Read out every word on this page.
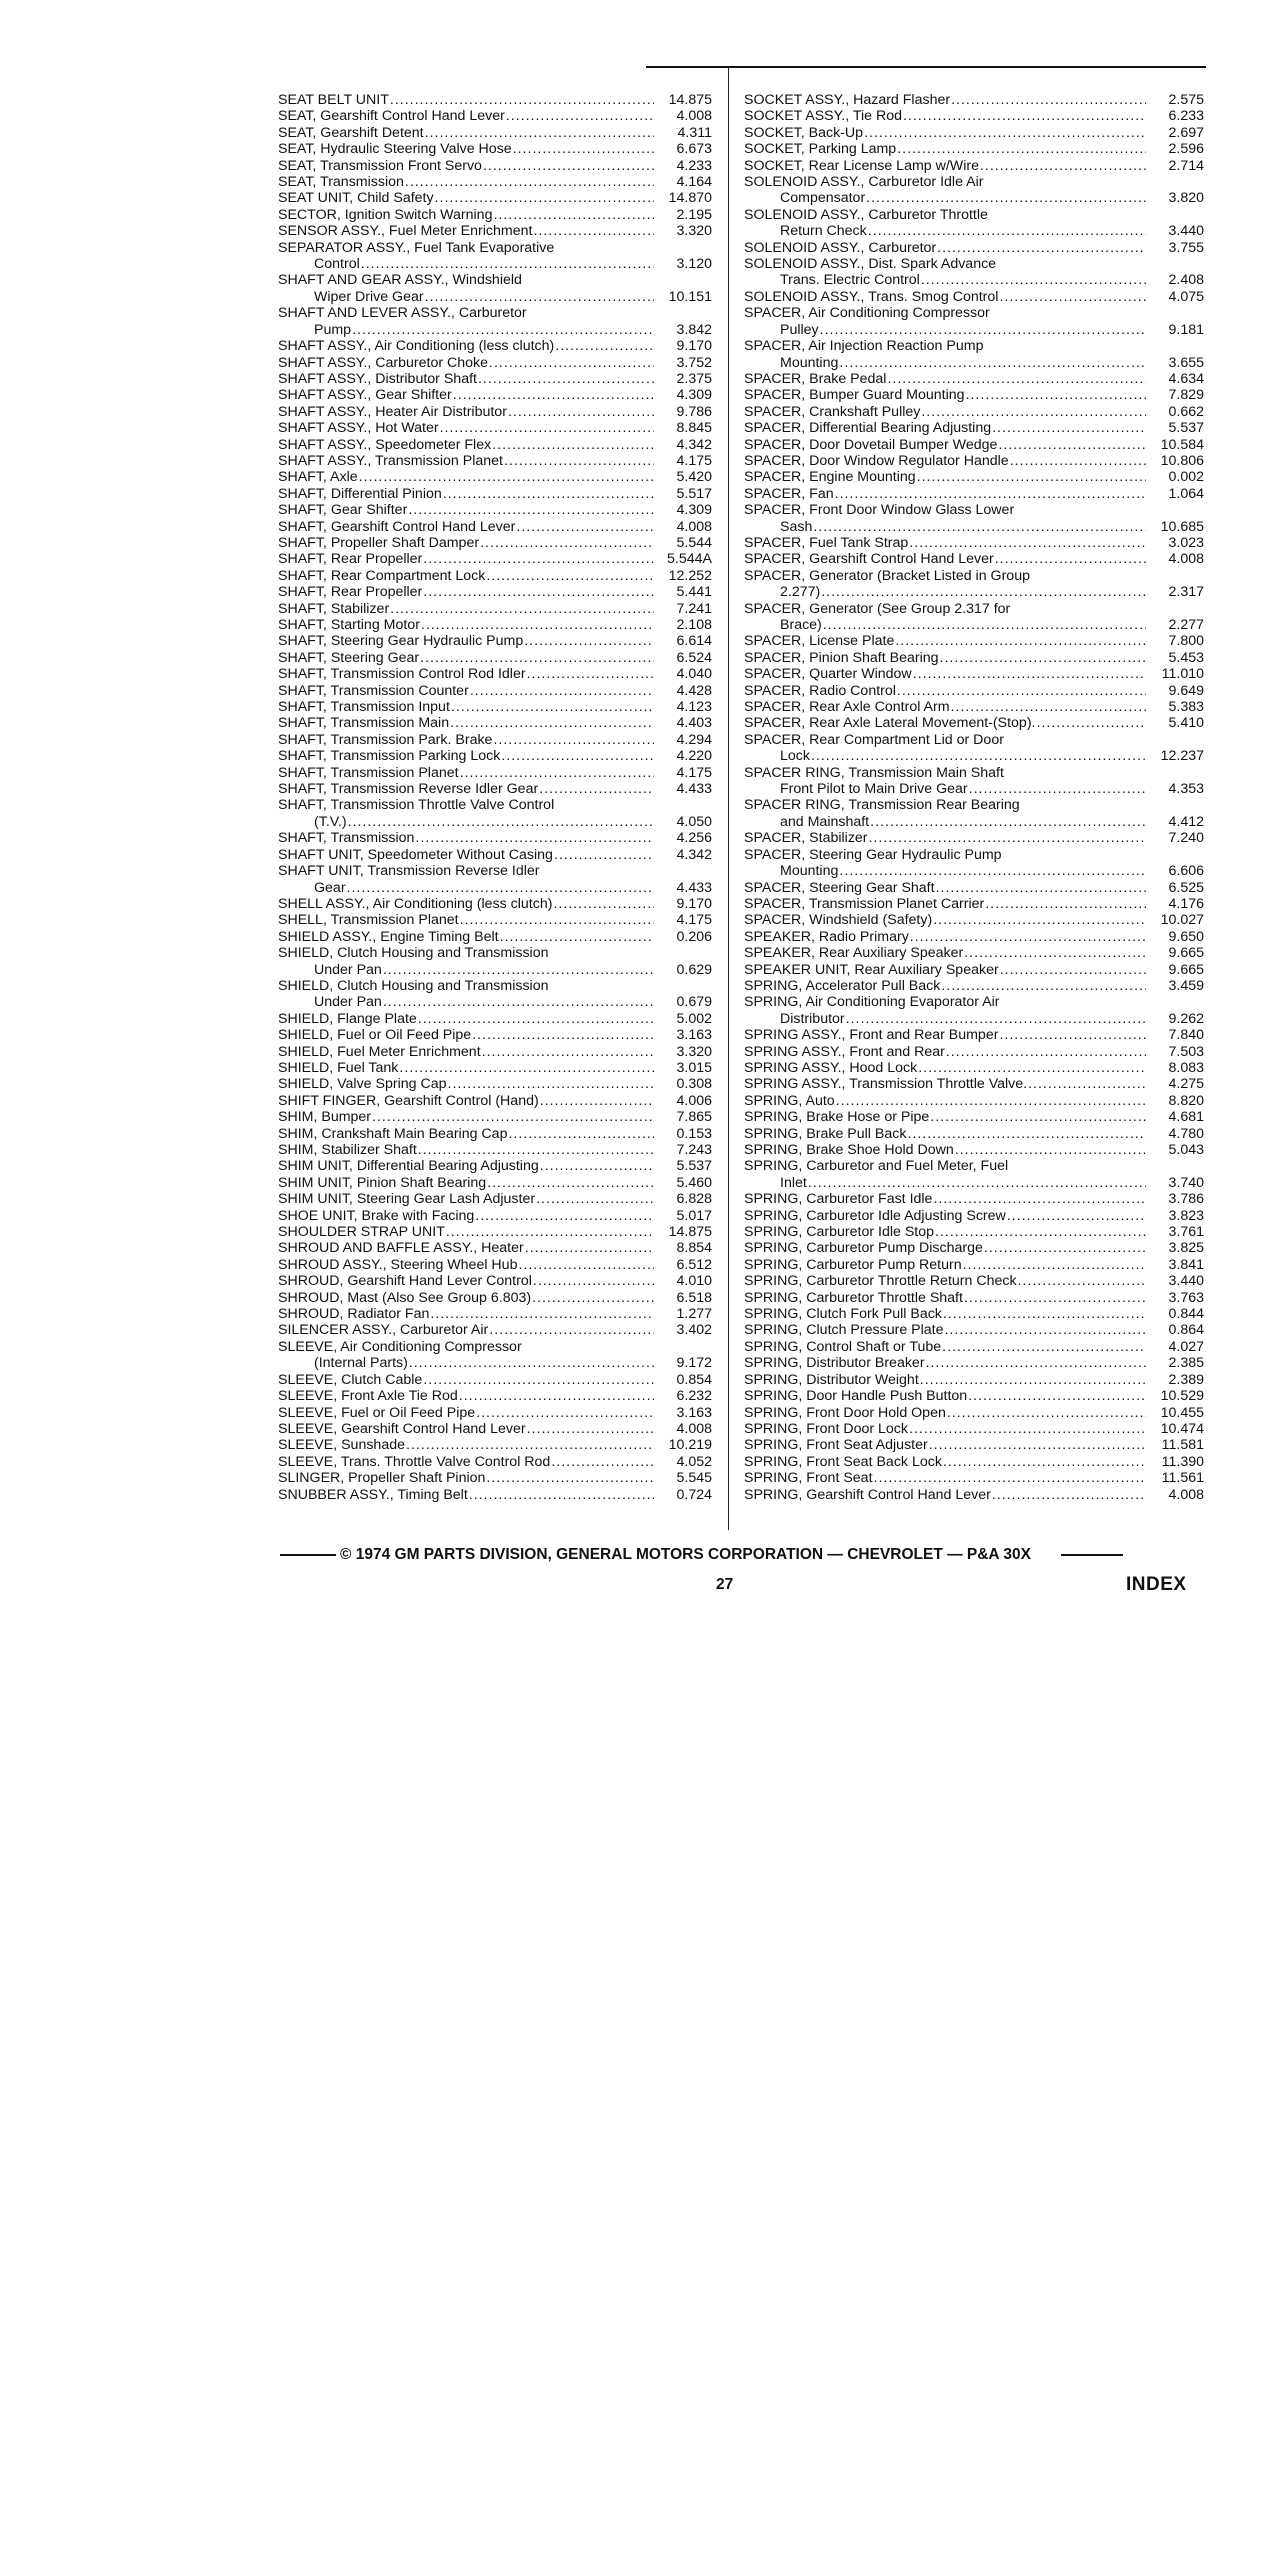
SEAT BELT UNIT .....	14.875
SEAT, Gearshift Control Hand Lever .....	4.008
SEAT, Gearshift Detent .....	4.311
SEAT, Hydraulic Steering Valve Hose .....	6.673
SEAT, Transmission Front Servo .....	4.233
SEAT, Transmission .....	4.164
SEAT UNIT, Child Safety .....	14.870
SECTOR, Ignition Switch Warning .....	2.195
SENSOR ASSY., Fuel Meter Enrichment .....	3.320
SEPARATOR ASSY., Fuel Tank Evaporative
Control .....	3.120
SHAFT AND GEAR ASSY., Windshield
Wiper Drive Gear .....	10.151
SHAFT AND LEVER ASSY., Carburetor
Pump .....	3.842
SHAFT ASSY., Air Conditioning (less clutch) .....	9.170
SHAFT ASSY., Carburetor Choke .....	3.752
SHAFT ASSY., Distributor Shaft .....	2.375
SHAFT ASSY., Gear Shifter .....	4.309
SHAFT ASSY., Heater Air Distributor .....	9.786
SHAFT ASSY., Hot Water .....	8.845
SHAFT ASSY., Speedometer Flex .....	4.342
SHAFT ASSY., Transmission Planet .....	4.175
SHAFT, Axle .....	5.420
SHAFT, Differential Pinion .....	5.517
SHAFT, Gear Shifter .....	4.309
SHAFT, Gearshift Control Hand Lever .....	4.008
SHAFT, Propeller Shaft Damper .....	5.544
SHAFT, Rear Propeller .....	5.544A
SHAFT, Rear Compartment Lock .....	12.252
SHAFT, Rear Propeller .....	5.441
SHAFT, Stabilizer .....	7.241
SHAFT, Starting Motor .....	2.108
SHAFT, Steering Gear Hydraulic Pump .....	6.614
SHAFT, Steering Gear .....	6.524
SHAFT, Transmission Control Rod Idler .....	4.040
SHAFT, Transmission Counter .....	4.428
SHAFT, Transmission Input .....	4.123
SHAFT, Transmission Main .....	4.403
SHAFT, Transmission Park. Brake .....	4.294
SHAFT, Transmission Parking Lock .....	4.220
SHAFT, Transmission Planet .....	4.175
SHAFT, Transmission Reverse Idler Gear .....	4.433
SHAFT, Transmission Throttle Valve Control
(T.V.) .....	4.050
SHAFT, Transmission .....	4.256
SHAFT UNIT, Speedometer Without Casing .....	4.342
SHAFT UNIT, Transmission Reverse Idler
Gear .....	4.433
SHELL ASSY., Air Conditioning (less clutch) .....	9.170
SHELL, Transmission Planet .....	4.175
SHIELD ASSY., Engine Timing Belt .....	0.206
SHIELD, Clutch Housing and Transmission
Under Pan .....	0.629
SHIELD, Clutch Housing and Transmission
Under Pan .....	0.679
SHIELD, Flange Plate .....	5.002
SHIELD, Fuel or Oil Feed Pipe .....	3.163
SHIELD, Fuel Meter Enrichment .....	3.320
SHIELD, Fuel Tank .....	3.015
SHIELD, Valve Spring Cap .....	0.308
SHIFT FINGER, Gearshift Control (Hand) .....	4.006
SHIM, Bumper .....	7.865
SHIM, Crankshaft Main Bearing Cap .....	0.153
SHIM, Stabilizer Shaft .....	7.243
SHIM UNIT, Differential Bearing Adjusting .....	5.537
SHIM UNIT, Pinion Shaft Bearing .....	5.460
SHIM UNIT, Steering Gear Lash Adjuster .....	6.828
SHOE UNIT, Brake with Facing .....	5.017
SHOULDER STRAP UNIT .....	14.875
SHROUD AND BAFFLE ASSY., Heater .....	8.854
SHROUD ASSY., Steering Wheel Hub .....	6.512
SHROUD, Gearshift Hand Lever Control .....	4.010
SHROUD, Mast (Also See Group 6.803) .....	6.518
SHROUD, Radiator Fan .....	1.277
SILENCER ASSY., Carburetor Air .....	3.402
SLEEVE, Air Conditioning Compressor
(Internal Parts) .....	9.172
SLEEVE, Clutch Cable .....	0.854
SLEEVE, Front Axle Tie Rod .....	6.232
SLEEVE, Fuel or Oil Feed Pipe .....	3.163
SLEEVE, Gearshift Control Hand Lever .....	4.008
SLEEVE, Sunshade .....	10.219
SLEEVE, Trans. Throttle Valve Control Rod .....	4.052
SLINGER, Propeller Shaft Pinion .....	5.545
SNUBBER ASSY., Timing Belt .....	0.724
SOCKET ASSY., Hazard Flasher .....	2.575
SOCKET ASSY., Tie Rod .....	6.233
SOCKET, Back-Up .....	2.697
SOCKET, Parking Lamp .....	2.596
SOCKET, Rear License Lamp w/Wire .....	2.714
SOLENOID ASSY., Carburetor Idle Air
Compensator .....	3.820
SOLENOID ASSY., Carburetor Throttle
Return Check .....	3.440
SOLENOID ASSY., Carburetor .....	3.755
SOLENOID ASSY., Dist. Spark Advance
Trans. Electric Control .....	2.408
SOLENOID ASSY., Trans. Smog Control .....	4.075
SPACER, Air Conditioning Compressor
Pulley .....	9.181
SPACER, Air Injection Reaction Pump
Mounting .....	3.655
SPACER, Brake Pedal .....	4.634
SPACER, Bumper Guard Mounting .....	7.829
SPACER, Crankshaft Pulley .....	0.662
SPACER, Differential Bearing Adjusting .....	5.537
SPACER, Door Dovetail Bumper Wedge .....	10.584
SPACER, Door Window Regulator Handle .....	10.806
SPACER, Engine Mounting .....	0.002
SPACER, Fan .....	1.064
SPACER, Front Door Window Glass Lower
Sash .....	10.685
SPACER, Fuel Tank Strap .....	3.023
SPACER, Gearshift Control Hand Lever .....	4.008
SPACER, Generator (Bracket Listed in Group
2.277) .....	2.317
SPACER, Generator (See Group 2.317 for
Brace) .....	2.277
SPACER, License Plate .....	7.800
SPACER, Pinion Shaft Bearing .....	5.453
SPACER, Quarter Window .....	11.010
SPACER, Radio Control .....	9.649
SPACER, Rear Axle Control Arm .....	5.383
SPACER, Rear Axle Lateral Movement-(Stop). .....	5.410
SPACER, Rear Compartment Lid or Door
Lock .....	12.237
SPACER RING, Transmission Main Shaft
Front Pilot to Main Drive Gear .....	4.353
SPACER RING, Transmission Rear Bearing
and Mainshaft .....	4.412
SPACER, Stabilizer .....	7.240
SPACER, Steering Gear Hydraulic Pump
Mounting .....	6.606
SPACER, Steering Gear Shaft .....	6.525
SPACER, Transmission Planet Carrier .....	4.176
SPACER, Windshield (Safety) .....	10.027
SPEAKER, Radio Primary .....	9.650
SPEAKER, Rear Auxiliary Speaker .....	9.665
SPEAKER UNIT, Rear Auxiliary Speaker .....	9.665
SPRING, Accelerator Pull Back .....	3.459
SPRING, Air Conditioning Evaporator Air
Distributor .....	9.262
SPRING ASSY., Front and Rear Bumper .....	7.840
SPRING ASSY., Front and Rear .....	7.503
SPRING ASSY., Hood Lock .....	8.083
SPRING ASSY., Transmission Throttle Valve. .....	4.275
SPRING, Auto .....	8.820
SPRING, Brake Hose or Pipe .....	4.681
SPRING, Brake Pull Back .....	4.780
SPRING, Brake Shoe Hold Down .....	5.043
SPRING, Carburetor and Fuel Meter, Fuel
Inlet .....	3.740
SPRING, Carburetor Fast Idle .....	3.786
SPRING, Carburetor Idle Adjusting Screw .....	3.823
SPRING, Carburetor Idle Stop .....	3.761
SPRING, Carburetor Pump Discharge .....	3.825
SPRING, Carburetor Pump Return .....	3.841
SPRING, Carburetor Throttle Return Check .....	3.440
SPRING, Carburetor Throttle Shaft .....	3.763
SPRING, Clutch Fork Pull Back .....	0.844
SPRING, Clutch Pressure Plate .....	0.864
SPRING, Control Shaft or Tube .....	4.027
SPRING, Distributor Breaker .....	2.385
SPRING, Distributor Weight .....	2.389
SPRING, Door Handle Push Button .....	10.529
SPRING, Front Door Hold Open .....	10.455
SPRING, Front Door Lock .....	10.474
SPRING, Front Seat Adjuster .....	11.581
SPRING, Front Seat Back Lock .....	11.390
SPRING, Front Seat .....	11.561
SPRING, Gearshift Control Hand Lever .....	4.008
© 1974 GM PARTS DIVISION, GENERAL MOTORS CORPORATION — CHEVROLET — P&A 30X
27	INDEX
